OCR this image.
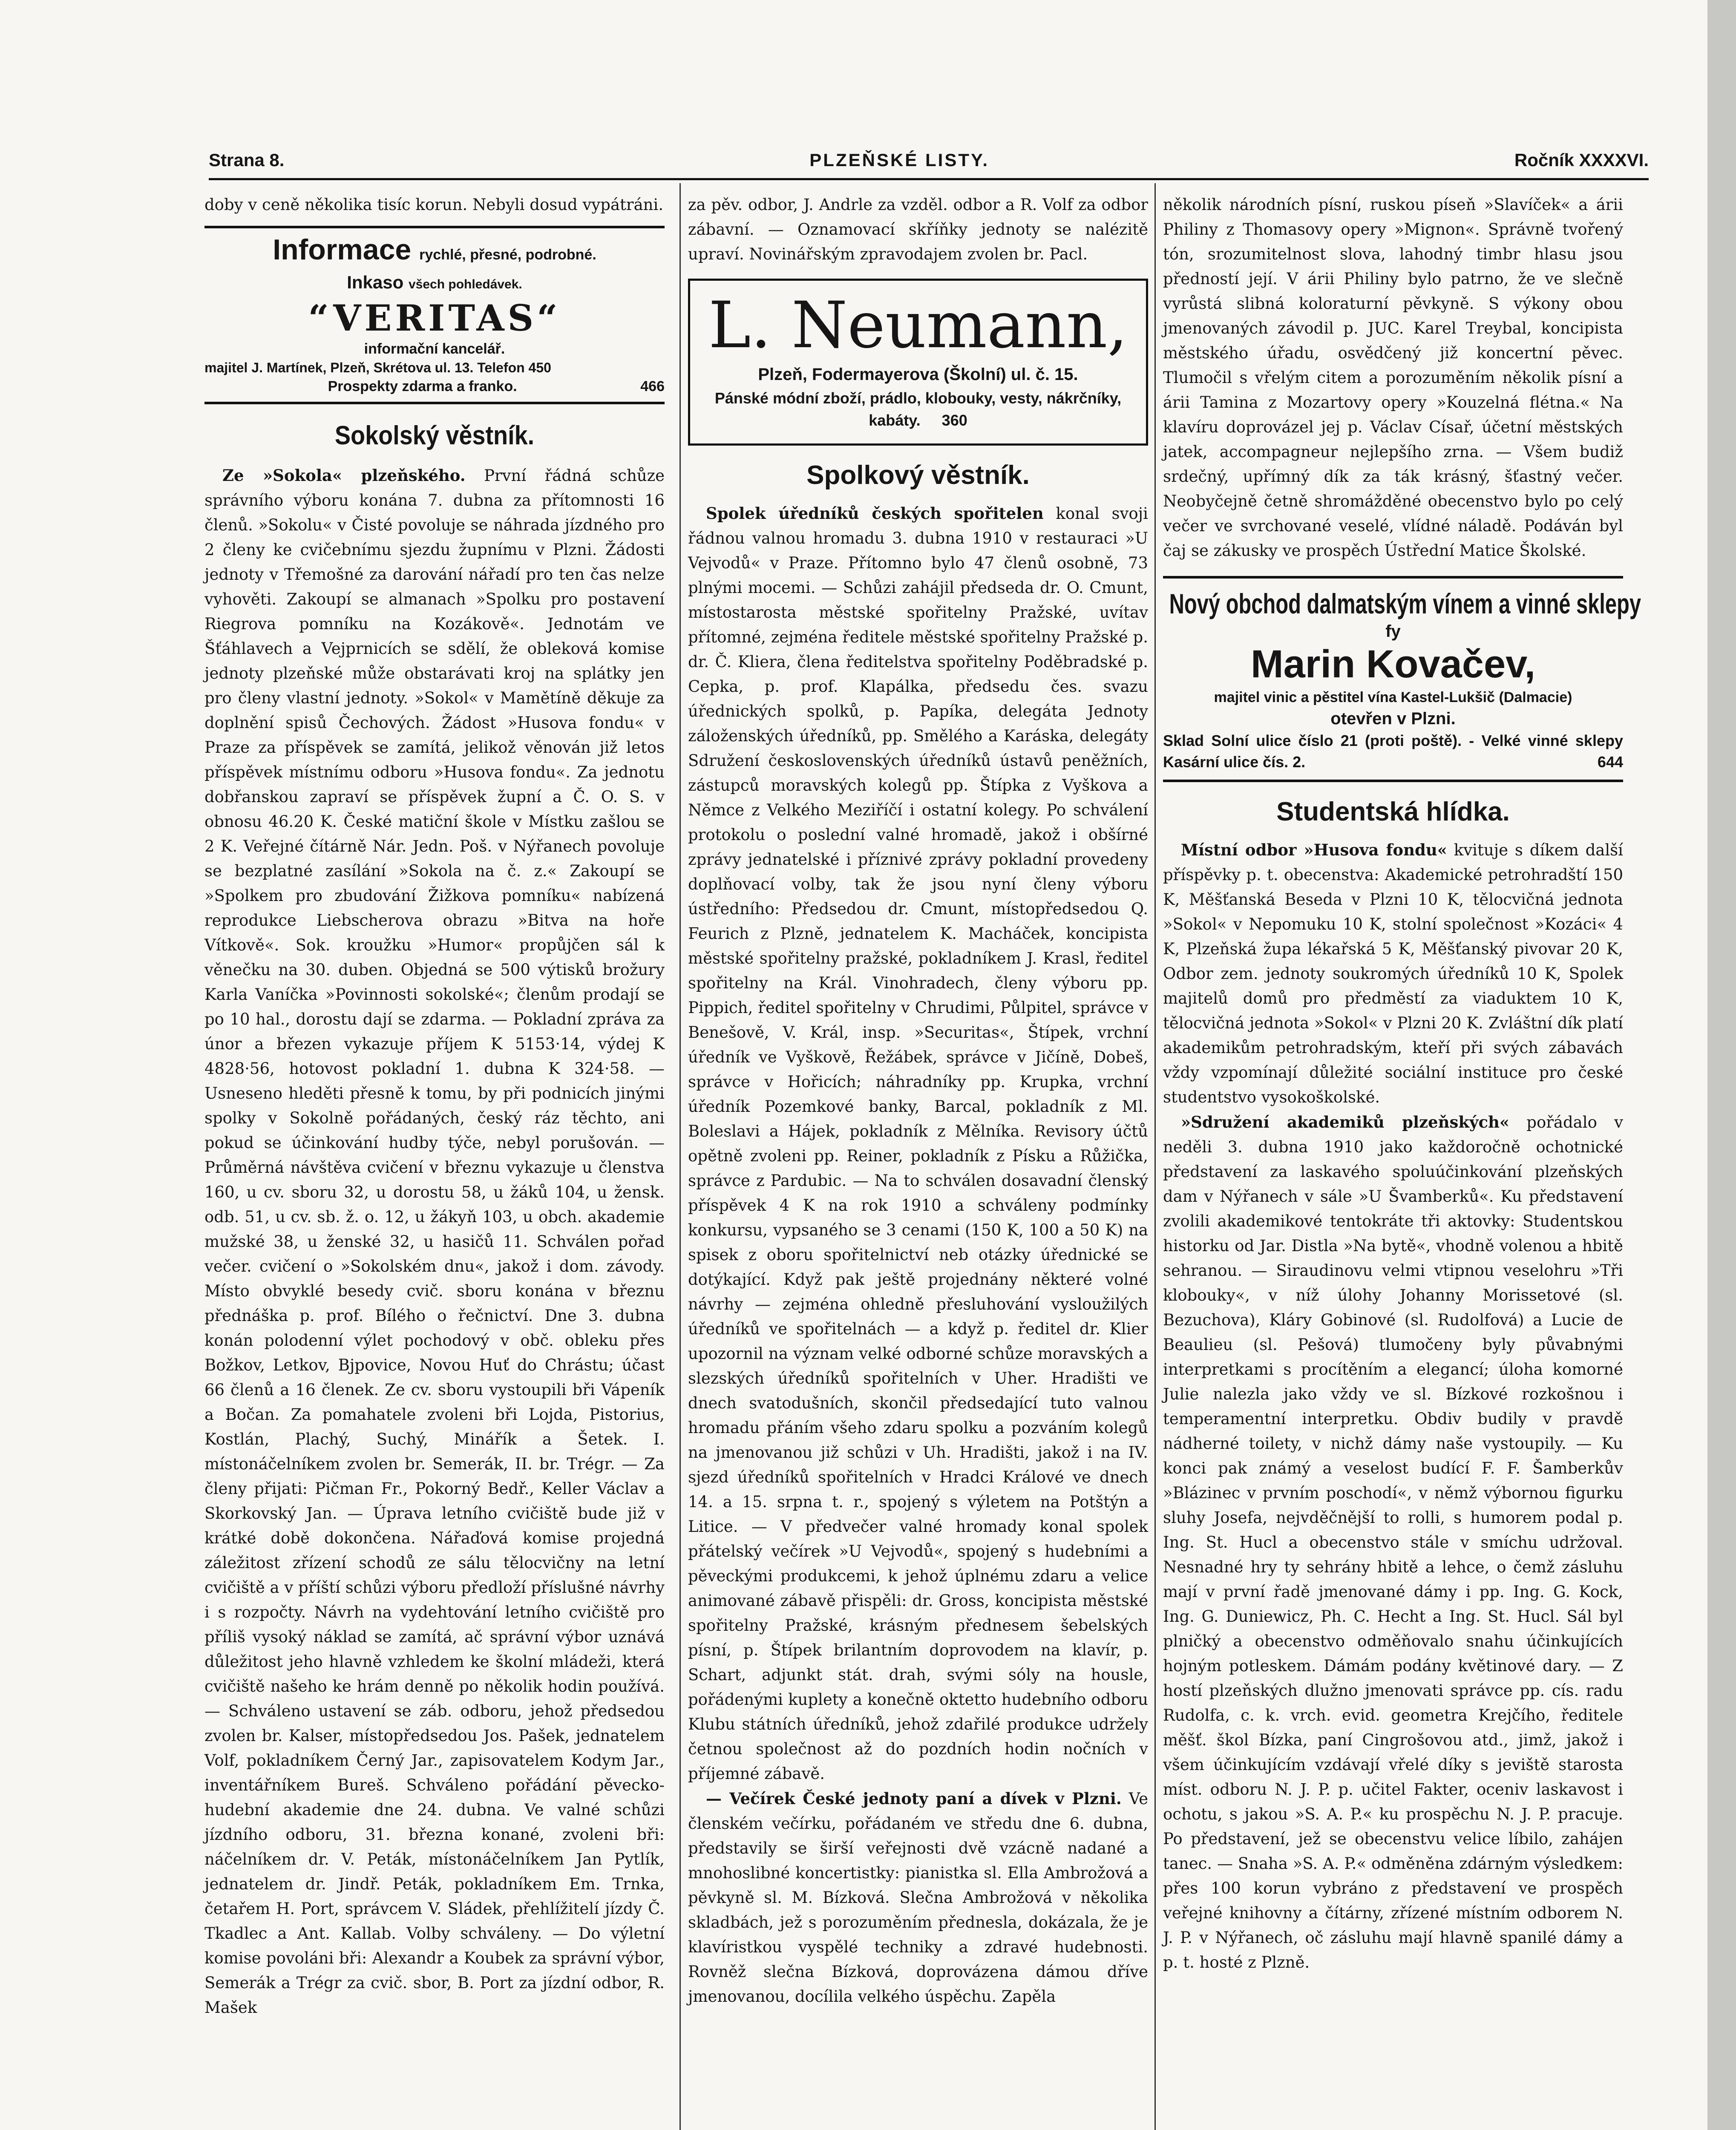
Strana 8.	PLZEŇSKÉ LISTY.	Ročník XXXXVI.

doby v ceně několika tisíc korun. Nebyli dosud vypátráni.

Informace rychlé, přesné, podrobné.
Inkaso všech pohledávek.
“VERITAS“
informační kancelář.
majitel J. Martínek, Plzeň, Skrétova ul. 13. Telefon 450
Prospekty zdarma a franko.	466
Sokolský věstník.

Ze »Sokola« plzeňského. První řádná schůze správního výboru konána 7. dubna za přítomnosti 16 členů. »Sokolu« v Čisté povoluje se náhrada jízdného pro 2 členy ke cvičebnímu sjezdu župnímu v Plzni. Žádosti jednoty v Třemošné za darování nářadí pro ten čas nelze vyhověti. Zakoupí se almanach »Spolku pro postavení Riegrova pomníku na Kozákově«. Jednotám ve Šťáhlavech a Vejprnicích se sdělí, že obleková komise jednoty plzeňské může obstarávati kroj na splátky jen pro členy vlastní jednoty. »Sokol« v Mamětíně děkuje za doplnění spisů Čechových. Žádost »Husova fondu« v Praze za příspěvek se zamítá, jelikož věnován již letos příspěvek místnímu odboru »Husova fondu«. Za jednotu dobřanskou zapraví se příspěvek župní a Č. O. S. v obnosu 46.20 K. České matiční škole v Místku zašlou se 2 K. Veřejné čítárně Nár. Jedn. Poš. v Nýřanech povoluje se bezplatné zasílání »Sokola na č. z.« Zakoupí se »Spolkem pro zbudování Žižkova pomníku« nabízená reprodukce Liebscherova obrazu »Bitva na hoře Vítkově«. Sok. kroužku »Humor« propůjčen sál k věnečku na 30. duben. Objedná se 500 výtisků brožury Karla Vaníčka »Povinnosti sokolské«; členům prodají se po 10 hal., dorostu dají se zdarma. — Pokladní zpráva za únor a březen vykazuje příjem K 5153·14, výdej K 4828·56, hotovost pokladní 1. dubna K 324·58. — Usneseno hleděti přesně k tomu, by při podnicích jinými spolky v Sokolně pořádaných, český ráz těchto, ani pokud se účinkování hudby týče, nebyl porušován. — Průměrná návštěva cvičení v březnu vykazuje u členstva 160, u cv. sboru 32, u dorostu 58, u žáků 104, u žensk. odb. 51, u cv. sb. ž. o. 12, u žákyň 103, u obch. akademie mužské 38, u ženské 32, u hasičů 11. Schválen pořad večer. cvičení o »Sokolském dnu«, jakož i dom. závody. Místo obvyklé besedy cvič. sboru konána v březnu přednáška p. prof. Bílého o řečnictví. Dne 3. dubna konán polodenní výlet pochodový v obč. obleku přes Božkov, Letkov, Bjpovice, Novou Huť do Chrástu; účast 66 členů a 16 členek. Ze cv. sboru vystoupili bři Vápeník a Bočan. Za pomahatele zvoleni bři Lojda, Pistorius, Kostlán, Plachý, Suchý, Minářík a Šetek. I. místonáčelníkem zvolen br. Semerák, II. br. Trégr. — Za členy přijati: Pičman Fr., Pokorný Bedř., Keller Václav a Skorkovský Jan. — Úprava letního cvičiště bude již v krátké době dokončena. Nářaďová komise projedná záležitost zřízení schodů ze sálu tělocvičny na letní cvičiště a v příští schůzi výboru předloží příslušné návrhy i s rozpočty. Návrh na vydehtování letního cvičiště pro příliš vysoký náklad se zamítá, ač správní výbor uznává důležitost jeho hlavně vzhledem ke školní mládeži, která cvičiště našeho ke hrám denně po několik hodin používá. — Schváleno ustavení se záb. odboru, jehož předsedou zvolen br. Kalser, místopředsedou Jos. Pašek, jednatelem Volf, pokladníkem Černý Jar., zapisovatelem Kodym Jar., inventářníkem Bureš. Schváleno pořádání pěvecko-hudební akademie dne 24. dubna. Ve valné schůzi jízdního odboru, 31. března konané, zvoleni bři: náčelníkem dr. V. Peták, místonáčelníkem Jan Pytlík, jednatelem dr. Jindř. Peták, pokladníkem Em. Trnka, četařem H. Port, správcem V. Sládek, přehlížitelí jízdy Č. Tkadlec a Ant. Kallab. Volby schváleny. — Do výletní komise povoláni bři: Alexandr a Koubek za správní výbor, Semerák a Trégr za cvič. sbor, B. Port za jízdní odbor, R. Mašek

za pěv. odbor, J. Andrle za vzděl. odbor a R. Volf za odbor zábavní. — Oznamovací skříňky jednoty se nalézitě upraví. Novinářským zpravodajem zvolen br. Pacl.

L. Neumann,
Plzeň, Fodermayerova (Školní) ul. č. 15.
Pánské módní zboží, prádlo, klobouky, vesty, nákrčníky, kabáty. 360
Spolkový věstník.

Spolek úředníků českých spořitelen konal svoji řádnou valnou hromadu 3. dubna 1910 v restauraci »U Vejvodů« v Praze. Přítomno bylo 47 členů osobně, 73 plnými mocemi. — Schůzi zahájil předseda dr. O. Cmunt, místostarosta městské spořitelny Pražské, uvítav přítomné, zejména ředitele městské spořitelny Pražské p. dr. Č. Kliera, člena ředitelstva spořitelny Poděbradské p. Cepka, p. prof. Klapálka, předsedu čes. svazu úřednických spolků, p. Papíka, delegáta Jednoty záloženských úředníků, pp. Smělého a Karáska, delegáty Sdružení československých úředníků ústavů peněžních, zástupců moravských kolegů pp. Štípka z Vyškova a Němce z Velkého Meziříčí i ostatní kolegy. Po schválení protokolu o poslední valné hromadě, jakož i obšírné zprávy jednatelské i příznivé zprávy pokladní provedeny doplňovací volby, tak že jsou nyní členy výboru ústředního: Předsedou dr. Cmunt, místopředsedou Q. Feurich z Plzně, jednatelem K. Macháček, koncipista městské spořitelny pražské, pokladníkem J. Krasl, ředitel spořitelny na Král. Vinohradech, členy výboru pp. Pippich, ředitel spořitelny v Chrudimi, Půlpitel, správce v Benešově, V. Král, insp. »Securitas«, Štípek, vrchní úředník ve Vyškově, Řežábek, správce v Jičíně, Dobeš, správce v Hořicích; náhradníky pp. Krupka, vrchní úředník Pozemkové banky, Barcal, pokladník z Ml. Boleslavi a Hájek, pokladník z Mělníka. Revisory účtů opětně zvoleni pp. Reiner, pokladník z Písku a Růžička, správce z Pardubic. — Na to schválen dosavadní členský příspěvek 4 K na rok 1910 a schváleny podmínky konkursu, vypsaného se 3 cenami (150 K, 100 a 50 K) na spisek z oboru spořitelnictví neb otázky úřednické se dotýkající. Když pak ještě projednány některé volné návrhy — zejména ohledně přesluhování vysloužilých úředníků ve spořitelnách — a když p. ředitel dr. Klier upozornil na význam velké odborné schůze moravských a slezských úředníků spořitelních v Uher. Hradišti ve dnech svatodušních, skončil předsedající tuto valnou hromadu přáním všeho zdaru spolku a pozváním kolegů na jmenovanou již schůzi v Uh. Hradišti, jakož i na IV. sjezd úředníků spořitelních v Hradci Králové ve dnech 14. a 15. srpna t. r., spojený s výletem na Potštýn a Litice. — V předvečer valné hromady konal spolek přátelský večírek »U Vejvodů«, spojený s hudebními a pěveckými produkcemi, k jehož úplnému zdaru a velice animované zábavě přispěli: dr. Gross, koncipista městské spořitelny Pražské, krásným přednesem šebelských písní, p. Štípek brilantním doprovodem na klavír, p. Schart, adjunkt stát. drah, svými sóly na housle, pořádenými kuplety a konečně oktetto hudebního odboru Klubu státních úředníků, jehož zdařilé produkce udržely četnou společnost až do pozdních hodin nočních v příjemné zábavě.

— Večírek České jednoty paní a dívek v Plzni. Ve členském večírku, pořádaném ve středu dne 6. dubna, představily se širší veřejnosti dvě vzácně nadané a mnohoslibné koncertistky: pianistka sl. Ella Ambrožová a pěvkyně sl. M. Bízková. Slečna Ambrožová v několika skladbách, jež s porozuměním přednesla, dokázala, že je klavíristkou vyspělé techniky a zdravé hudebnosti. Rovněž slečna Bízková, doprovázena dámou dříve jmenovanou, docílila velkého úspěchu. Zapěla

několik národních písní, ruskou píseň »Slavíček« a árii Philiny z Thomasovy opery »Mignon«. Správně tvořený tón, srozumitelnost slova, lahodný timbr hlasu jsou předností její. V árii Philiny bylo patrno, že ve slečně vyrůstá slibná koloraturní pěvkyně. S výkony obou jmenovaných závodil p. JUC. Karel Treybal, koncipista městského úřadu, osvědčený již koncertní pěvec. Tlumočil s vřelým citem a porozuměním několik písní a árii Tamina z Mozartovy opery »Kouzelná flétna.« Na klavíru doprovázel jej p. Václav Císař, účetní městských jatek, accompagneur nejlepšího zrna. — Všem budiž srdečný, upřímný dík za ták krásný, šťastný večer. Neobyčejně četně shromážděné obecenstvo bylo po celý večer ve svrchované veselé, vlídné náladě. Podáván byl čaj se zákusky ve prospěch Ústřední Matice Školské.

Nový obchod dalmatským vínem a vinné sklepy
fy
Marin Kovačev,
majitel vinic a pěstitel vína Kastel-Lukšič (Dalmacie)
otevřen v Plzni.
Sklad Solní ulice číslo 21 (proti poště). - Velké vinné sklepy Kasární ulice čís. 2.	644
Studentská hlídka.

Místní odbor »Husova fondu« kvituje s díkem další příspěvky p. t. obecenstva: Akademické petrohradští 150 K, Měšťanská Beseda v Plzni 10 K, tělocvičná jednota »Sokol« v Nepomuku 10 K, stolní společnost »Kozáci« 4 K, Plzeňská župa lékařská 5 K, Měšťanský pivovar 20 K, Odbor zem. jednoty soukromých úředníků 10 K, Spolek majitelů domů pro předměstí za viaduktem 10 K, tělocvičná jednota »Sokol« v Plzni 20 K. Zvláštní dík platí akademikům petrohradským, kteří při svých zábavách vždy vzpomínají důležité sociální instituce pro české studentstvo vysokoškolské.

»Sdružení akademiků plzeňských« pořádalo v neděli 3. dubna 1910 jako každoročně ochotnické představení za laskavého spoluúčinkování plzeňských dam v Nýřanech v sále »U Švamberků«. Ku představení zvolili akademikové tentokráte tři aktovky: Studentskou historku od Jar. Distla »Na bytě«, vhodně volenou a hbitě sehranou. — Siraudinovu velmi vtipnou veselohru »Tři klobouky«, v níž úlohy Johanny Morissetové (sl. Bezuchova), Kláry Gobinové (sl. Rudolfová) a Lucie de Beaulieu (sl. Pešová) tlumočeny byly půvabnými interpretkami s procítěním a elegancí; úloha komorné Julie nalezla jako vždy ve sl. Bízkové rozkošnou i temperamentní interpretku. Obdiv budily v pravdě nádherné toilety, v nichž dámy naše vystoupily. — Ku konci pak známý a veselost budící F. F. Šamberkův »Blázinec v prvním poschodí«, v němž výbornou figurku sluhy Josefa, nejvděčnější to rolli, s humorem podal p. Ing. St. Hucl a obecenstvo stále v smíchu udržoval. Nesnadné hry ty sehrány hbitě a lehce, o čemž zásluhu mají v první řadě jmenované dámy i pp. Ing. G. Kock, Ing. G. Duniewicz, Ph. C. Hecht a Ing. St. Hucl. Sál byl plničký a obecenstvo odměňovalo snahu účinkujících hojným potleskem. Dámám podány květinové dary. — Z hostí plzeňských dlužno jmenovati správce pp. cís. radu Rudolfa, c. k. vrch. evid. geometra Krejčího, ředitele měšť. škol Bízka, paní Cingrošovou atd., jimž, jakož i všem účinkujícím vzdávají vřelé díky s jeviště starosta míst. odboru N. J. P. p. učitel Fakter, oceniv laskavost i ochotu, s jakou »S. A. P.« ku prospěchu N. J. P. pracuje. Po představení, jež se obecenstvu velice líbilo, zahájen tanec. — Snaha »S. A. P.« odměněna zdárným výsledkem: přes 100 korun vybráno z představení ve prospěch veřejné knihovny a čítárny, zřízené místním odborem N. J. P. v Nýřanech, oč zásluhu mají hlavně spanilé dámy a p. t. hosté z Plzně.
